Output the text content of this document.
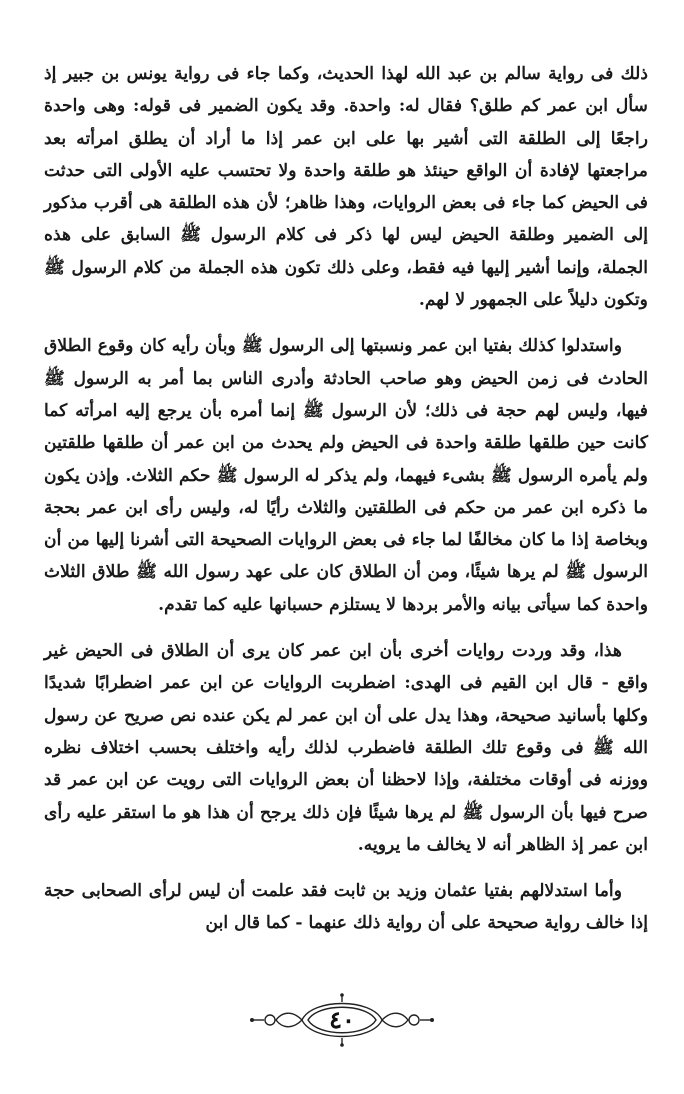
ذلك فى رواية سالم بن عبد الله لهذا الحديث، وكما جاء فى رواية يونس بن جبير إذ سأل ابن عمر كم طلق؟ فقال له: واحدة. وقد يكون الضمير فى قوله: وهى واحدة راجعًا إلى الطلقة التى أشير بها على ابن عمر إذا ما أراد أن يطلق امرأته بعد مراجعتها لإفادة أن الواقع حينئذ هو طلقة واحدة ولا تحتسب عليه الأولى التى حدثت فى الحيض كما جاء فى بعض الروايات، وهذا ظاهر؛ لأن هذه الطلقة هى أقرب مذكور إلى الضمير وطلقة الحيض ليس لها ذكر فى كلام الرسول ﷺ السابق على هذه الجملة، وإنما أشير إليها فيه فقط، وعلى ذلك تكون هذه الجملة من كلام الرسول ﷺ وتكون دليلاً على الجمهور لا لهم.

واستدلوا كذلك بفتيا ابن عمر ونسبتها إلى الرسول ﷺ وبأن رأيه كان وقوع الطلاق الحادث فى زمن الحيض وهو صاحب الحادثة وأدرى الناس بما أمر به الرسول ﷺ فيها، وليس لهم حجة فى ذلك؛ لأن الرسول ﷺ إنما أمره بأن يرجع إليه امرأته كما كانت حين طلقها طلقة واحدة فى الحيض ولم يحدث من ابن عمر أن طلقها طلقتين ولم يأمره الرسول ﷺ بشىء فيهما، ولم يذكر له الرسول ﷺ حكم الثلاث. وإذن يكون ما ذكره ابن عمر من حكم فى الطلقتين والثلاث رأيًا له، وليس رأى ابن عمر بحجة وبخاصة إذا ما كان مخالفًا لما جاء فى بعض الروايات الصحيحة التى أشرنا إليها من أن الرسول ﷺ لم يرها شيئًا، ومن أن الطلاق كان على عهد رسول الله ﷺ طلاق الثلاث واحدة كما سيأتى بيانه والأمر بردها لا يستلزم حسبانها عليه كما تقدم.

هذا، وقد وردت روايات أخرى بأن ابن عمر كان يرى أن الطلاق فى الحيض غير واقع - قال ابن القيم فى الهدى: اضطربت الروايات عن ابن عمر اضطرابًا شديدًا وكلها بأسانيد صحيحة، وهذا يدل على أن ابن عمر لم يكن عنده نص صريح عن رسول الله ﷺ فى وقوع تلك الطلقة فاضطرب لذلك رأيه واختلف بحسب اختلاف نظره ووزنه فى أوقات مختلفة، وإذا لاحظنا أن بعض الروايات التى رويت عن ابن عمر قد صرح فيها بأن الرسول ﷺ لم يرها شيئًا فإن ذلك يرجح أن هذا هو ما استقر عليه رأى ابن عمر إذ الظاهر أنه لا يخالف ما يرويه.

وأما استدلالهم بفتيا عثمان وزيد بن ثابت فقد علمت أن ليس لرأى الصحابى حجة إذا خالف رواية صحيحة على أن رواية ذلك عنهما - كما قال ابن

٤٠
